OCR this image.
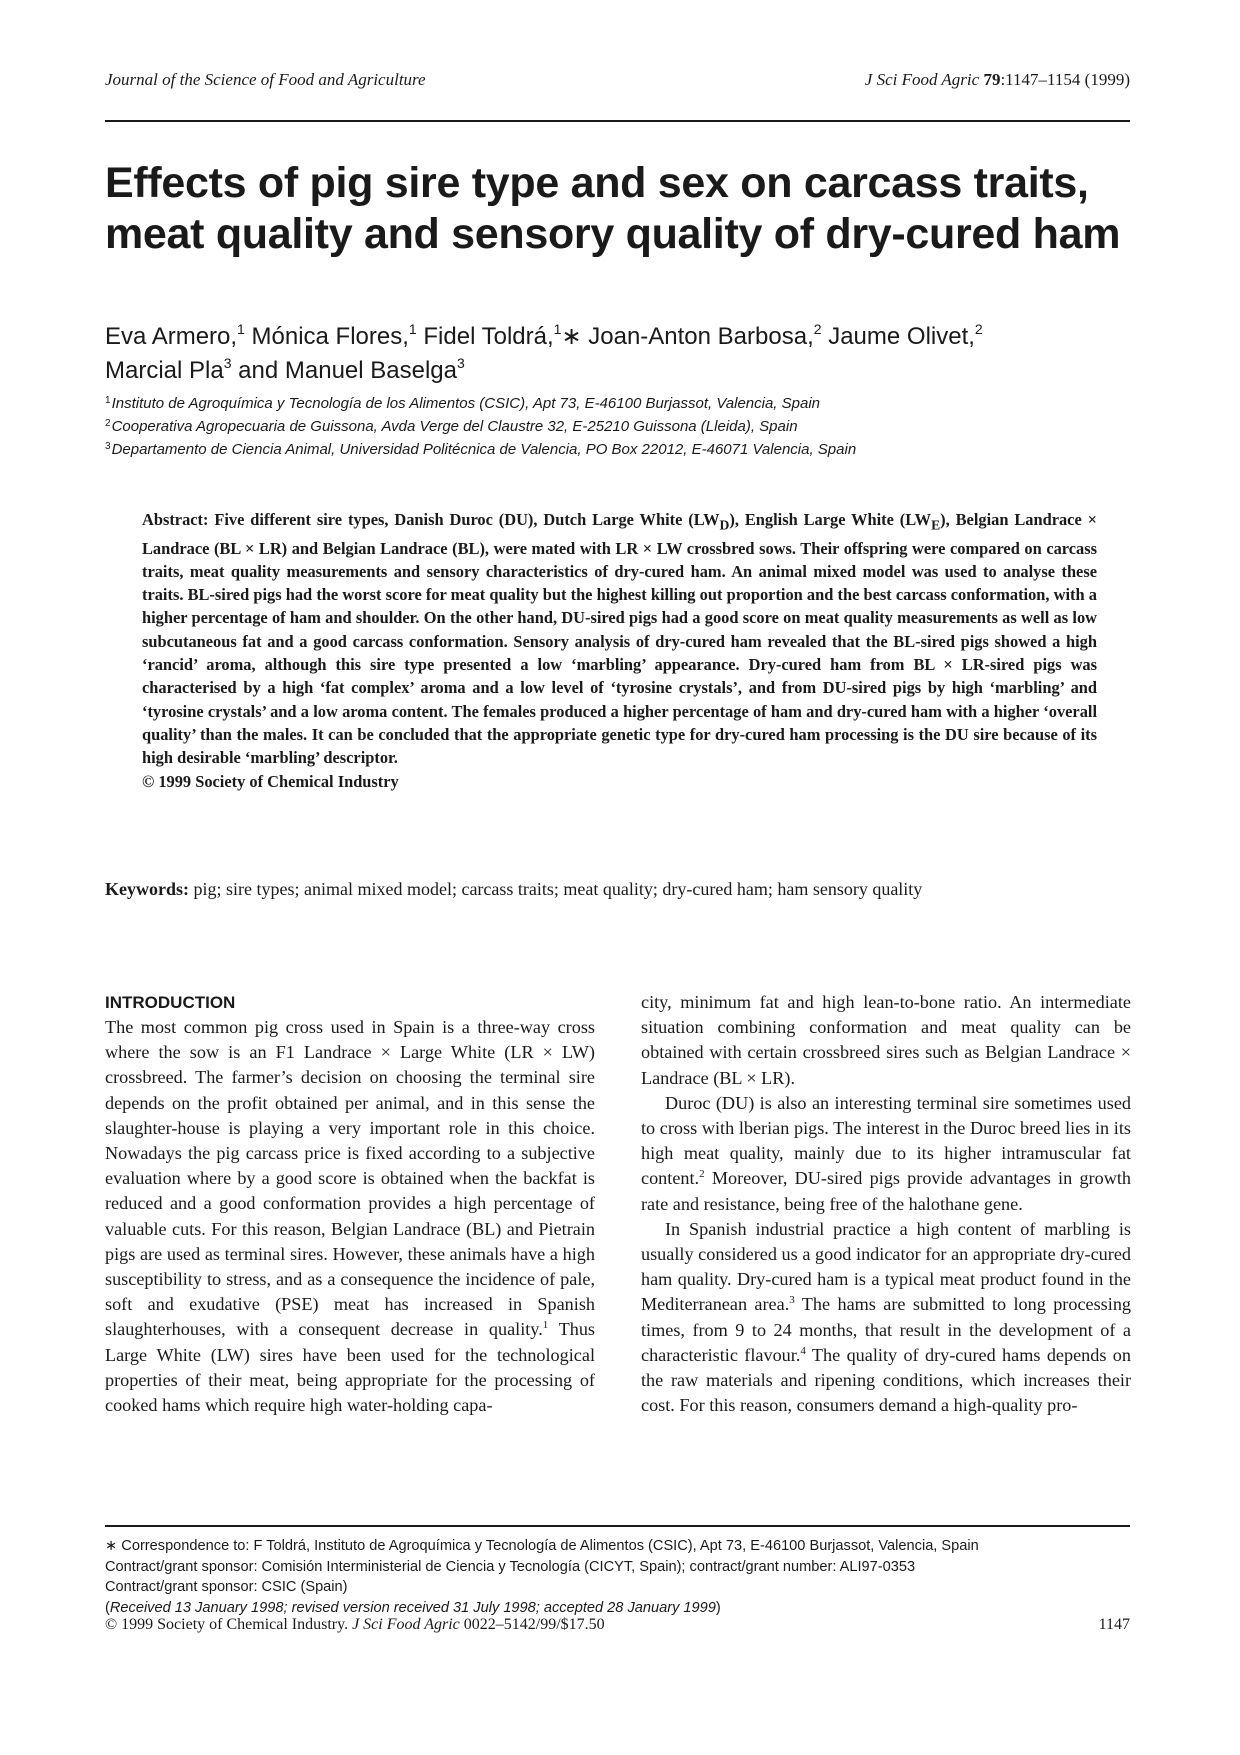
Journal of the Science of Food and Agriculture	J Sci Food Agric 79:1147–1154 (1999)
Effects of pig sire type and sex on carcass traits, meat quality and sensory quality of dry-cured ham
Eva Armero,$^1$ Mónica Flores,$^1$ Fidel Toldrá,$^1$∗ Joan-Anton Barbosa,$^2$ Jaume Olivet,$^2$
Marcial Pla$^3$ and Manuel Baselga$^3$
$^1$Instituto de Agroquímica y Tecnología de los Alimentos (CSIC), Apt 73, E-46100 Burjassot, Valencia, Spain
$^2$Cooperativa Agropecuaria de Guissona, Avda Verge del Claustre 32, E-25210 Guissona (Lleida), Spain
$^3$Departamento de Ciencia Animal, Universidad Politécnica de Valencia, PO Box 22012, E-46071 Valencia, Spain
Abstract: Five different sire types, Danish Duroc (DU), Dutch Large White $(LW_D)$, English Large White $(LW_E)$, Belgian Landrace × Landrace (BL × LR) and Belgian Landrace (BL), were mated with LR × LW crossbred sows. Their offspring were compared on carcass traits, meat quality measurements and sensory characteristics of dry-cured ham. An animal mixed model was used to analyse these traits. BL-sired pigs had the worst score for meat quality but the highest killing out proportion and the best carcass conformation, with a higher percentage of ham and shoulder. On the other hand, DU-sired pigs had a good score on meat quality measurements as well as low subcutaneous fat and a good carcass conformation. Sensory analysis of dry-cured ham revealed that the BL-sired pigs showed a high ‘rancid’ aroma, although this sire type presented a low ‘marbling’ appearance. Dry-cured ham from BL × LR-sired pigs was characterised by a high ‘fat complex’ aroma and a low level of ‘tyrosine crystals’, and from DU-sired pigs by high ‘marbling’ and ‘tyrosine crystals’ and a low aroma content. The females produced a higher percentage of ham and dry-cured ham with a higher ‘overall quality’ than the males. It can be concluded that the appropriate genetic type for dry-cured ham processing is the DU sire because of its high desirable ‘marbling’ descriptor.
© 1999 Society of Chemical Industry
Keywords: pig; sire types; animal mixed model; carcass traits; meat quality; dry-cured ham; ham sensory quality
INTRODUCTION

The most common pig cross used in Spain is a three-way cross where the sow is an F1 Landrace × Large White (LR × LW) crossbreed. The farmer’s decision on choosing the terminal sire depends on the profit obtained per animal, and in this sense the slaughter-house is playing a very important role in this choice. Nowadays the pig carcass price is fixed according to a subjective evaluation where by a good score is obtained when the backfat is reduced and a good conformation provides a high percentage of valuable cuts. For this reason, Belgian Landrace (BL) and Pietrain pigs are used as terminal sires. However, these animals have a high susceptibility to stress, and as a consequence the incidence of pale, soft and exudative (PSE) meat has increased in Spanish slaughterhouses, with a consequent decrease in quality.$^1$ Thus Large White (LW) sires have been used for the technological properties of their meat, being appropriate for the processing of cooked hams which require high water-holding capa-

city, minimum fat and high lean-to-bone ratio. An intermediate situation combining conformation and meat quality can be obtained with certain crossbreed sires such as Belgian Landrace × Landrace (BL × LR).

Duroc (DU) is also an interesting terminal sire sometimes used to cross with lberian pigs. The interest in the Duroc breed lies in its high meat quality, mainly due to its higher intramuscular fat content.$^2$ Moreover, DU-sired pigs provide advantages in growth rate and resistance, being free of the halothane gene.

In Spanish industrial practice a high content of marbling is usually considered us a good indicator for an appropriate dry-cured ham quality. Dry-cured ham is a typical meat product found in the Mediterranean area.$^3$ The hams are submitted to long processing times, from 9 to 24 months, that result in the development of a characteristic flavour.$^4$ The quality of dry-cured hams depends on the raw materials and ripening conditions, which increases their cost. For this reason, consumers demand a high-quality pro-

∗ Correspondence to: F Toldrá, Instituto de Agroquímica y Tecnología de Alimentos (CSIC), Apt 73, E-46100 Burjassot, Valencia, Spain
Contract/grant sponsor: Comisión Interministerial de Ciencia y Tecnología (CICYT, Spain); contract/grant number: ALI97-0353
Contract/grant sponsor: CSIC (Spain)
(Received 13 January 1998; revised version received 31 July 1998; accepted 28 January 1999)
© 1999 Society of Chemical Industry. J Sci Food Agric 0022–5142/99/$17.50	1147
